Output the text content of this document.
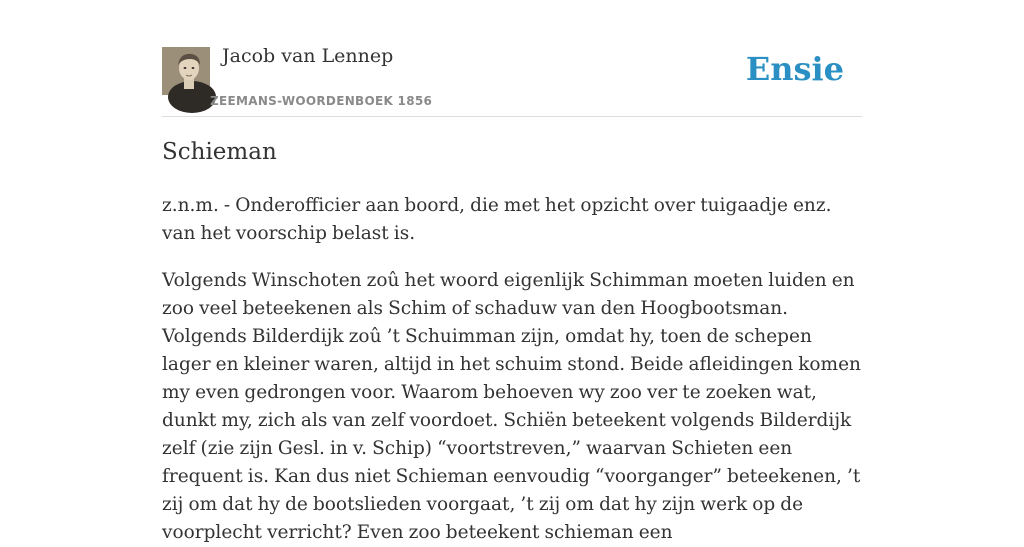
Jacob van Lennep
ZEEMANS-WOORDENBOEK 1856
Ensie
Schieman

z.n.m. - Onderofficier aan boord, die met het opzicht over tuigaadje enz. van het voorschip belast is.

Volgends Winschoten zoû het woord eigenlijk Schimman moeten luiden en zoo veel beteekenen als Schim of schaduw van den Hoogbootsman. Volgends Bilderdijk zoû ’t Schuimman zijn, omdat hy, toen de schepen lager en kleiner waren, altijd in het schuim stond. Beide afleidingen komen my even gedrongen voor. Waarom behoeven wy zoo ver te zoeken wat, dunkt my, zich als van zelf voordoet. Schiën beteekent volgends Bilderdijk zelf (zie zijn Gesl. in v. Schip) “voortstreven,” waarvan Schieten een frequent is. Kan dus niet Schieman eenvoudig “voorganger” beteekenen, ’t zij om dat hy de bootslieden voorgaat, ’t zij om dat hy zijn werk op de voorplecht verricht? Even zoo beteekent schieman een
